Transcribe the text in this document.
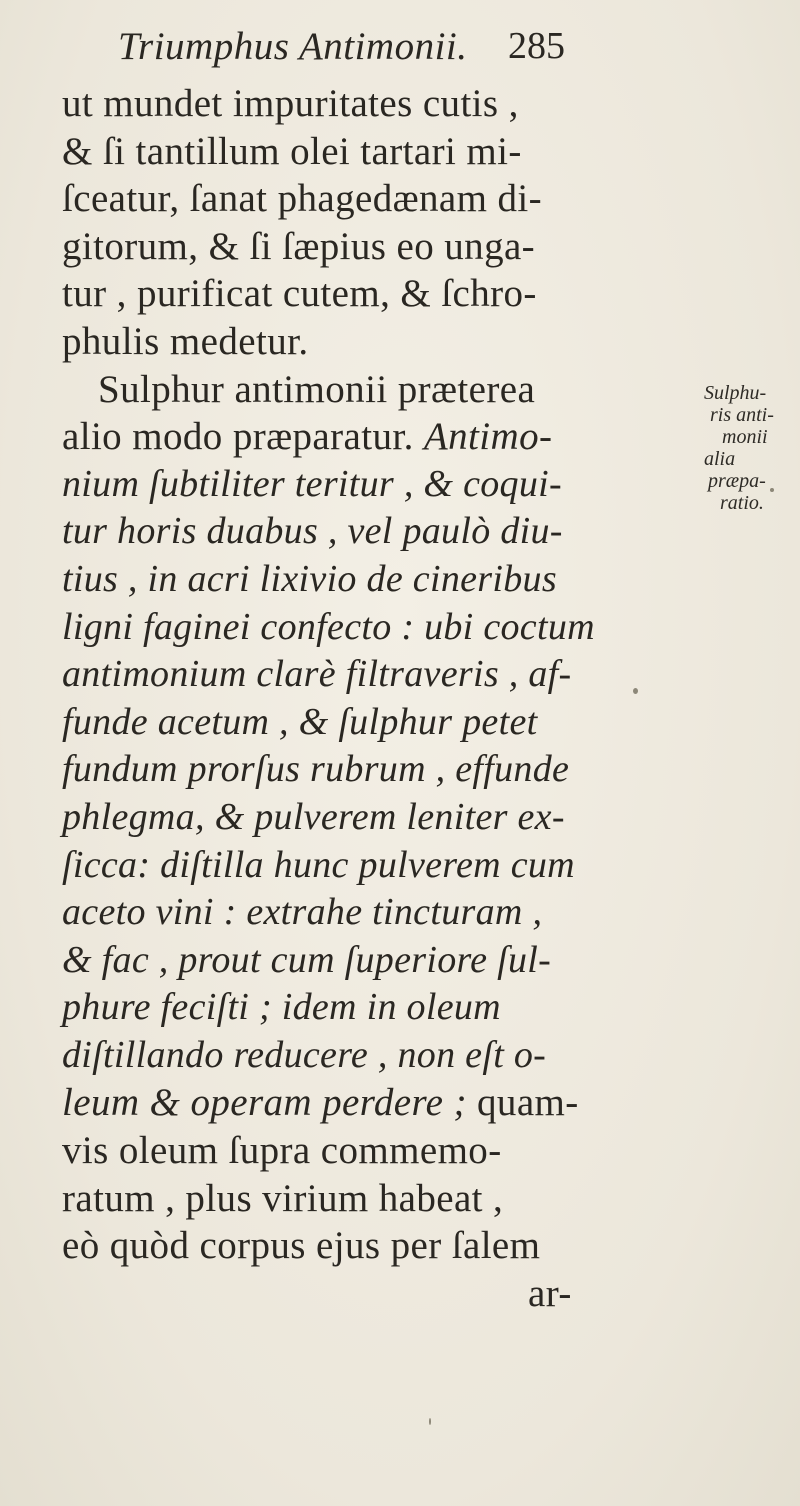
Triumphus Antimonii. 285
ut mundet impuritates cutis ,
& ſi tantillum olei tartari mi-
ſceatur, ſanat phagedænam di-
gitorum, & ſi ſæpius eo unga-
tur , purificat cutem, & ſchro-
phulis medetur.
Sulphur antimonii præterea
alio modo præparatur. Antimo-
nium ſubtiliter teritur , & coqui-
tur horis duabus , vel paulò diu-
tius , in acri lixivio de cineribus
ligni faginei confecto : ubi coctum
antimonium clarè filtraveris , af-
funde acetum , & ſulphur petet
fundum prorſus rubrum , effunde
phlegma, & pulverem leniter ex-
ſicca: diſtilla hunc pulverem cum
aceto vini : extrahe tincturam ,
& fac , prout cum ſuperiore ſul-
phure feciſti ; idem in oleum
diſtillando reducere , non eſt o-
leum & operam perdere ; quam-
vis oleum ſupra commemo-
ratum , plus virium habeat ,
eò quòd corpus ejus per ſalem
ar-
Sulphu-
ris anti-
monii
alia
præpa-
ratio.
